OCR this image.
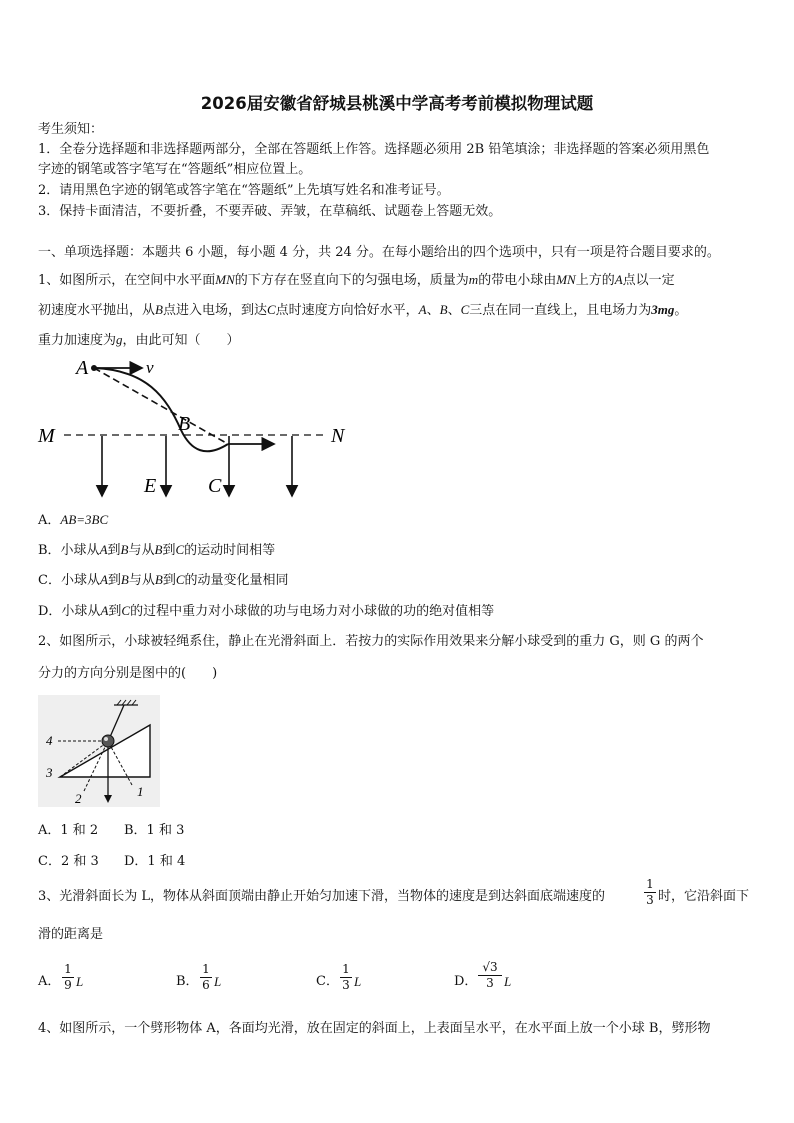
2026届安徽省舒城县桃溪中学高考考前模拟物理试题
考生须知：
1．全卷分选择题和非选择题两部分，全部在答题纸上作答。选择题必须用 2B 铅笔填涂；非选择题的答案必须用黑色
字迹的钢笔或答字笔写在“答题纸”相应位置上。
2．请用黑色字迹的钢笔或答字笔在“答题纸”上先填写姓名和准考证号。
3．保持卡面清洁，不要折叠，不要弄破、弄皱，在草稿纸、试题卷上答题无效。
一、单项选择题：本题共 6 小题，每小题 4 分，共 24 分。在每小题给出的四个选项中，只有一项是符合题目要求的。
1、如图所示，在空间中水平面MN的下方存在竖直向下的匀强电场，质量为m的带电小球由MN上方的A点以一定
初速度水平抛出，从B点进入电场，到达C点时速度方向恰好水平，A、B、C三点在同一直线上，且电场力为3mg。
重力加速度为g，由此可知（　　）
A	v
M	N
B
E	C
A．AB=3BC
B．小球从A到B与从B到C的运动时间相等
C．小球从A到B与从B到C的动量变化量相同
D．小球从A到C的过程中重力对小球做的功与电场力对小球做的功的绝对值相等
2、如图所示，小球被轻绳系住，静止在光滑斜面上．若按力的实际作用效果来分解小球受到的重力 G，则 G 的两个
分力的方向分别是图中的(　　)
4
3
2	1
A．1 和 2 B．1 和 3
C．2 和 3 D．1 和 4
3、光滑斜面长为 L，物体从斜面顶端由静止开始匀加速下滑，当物体的速度是到达斜面底端速度的
1
3 时，它沿斜面下
滑的距离是
A．
1
9 L	B．
1
6 L	C．
1
3 L	D．
√3
3 L
4、如图所示，一个劈形物体 A，各面均光滑，放在固定的斜面上，上表面呈水平，在水平面上放一个小球 B，劈形物
